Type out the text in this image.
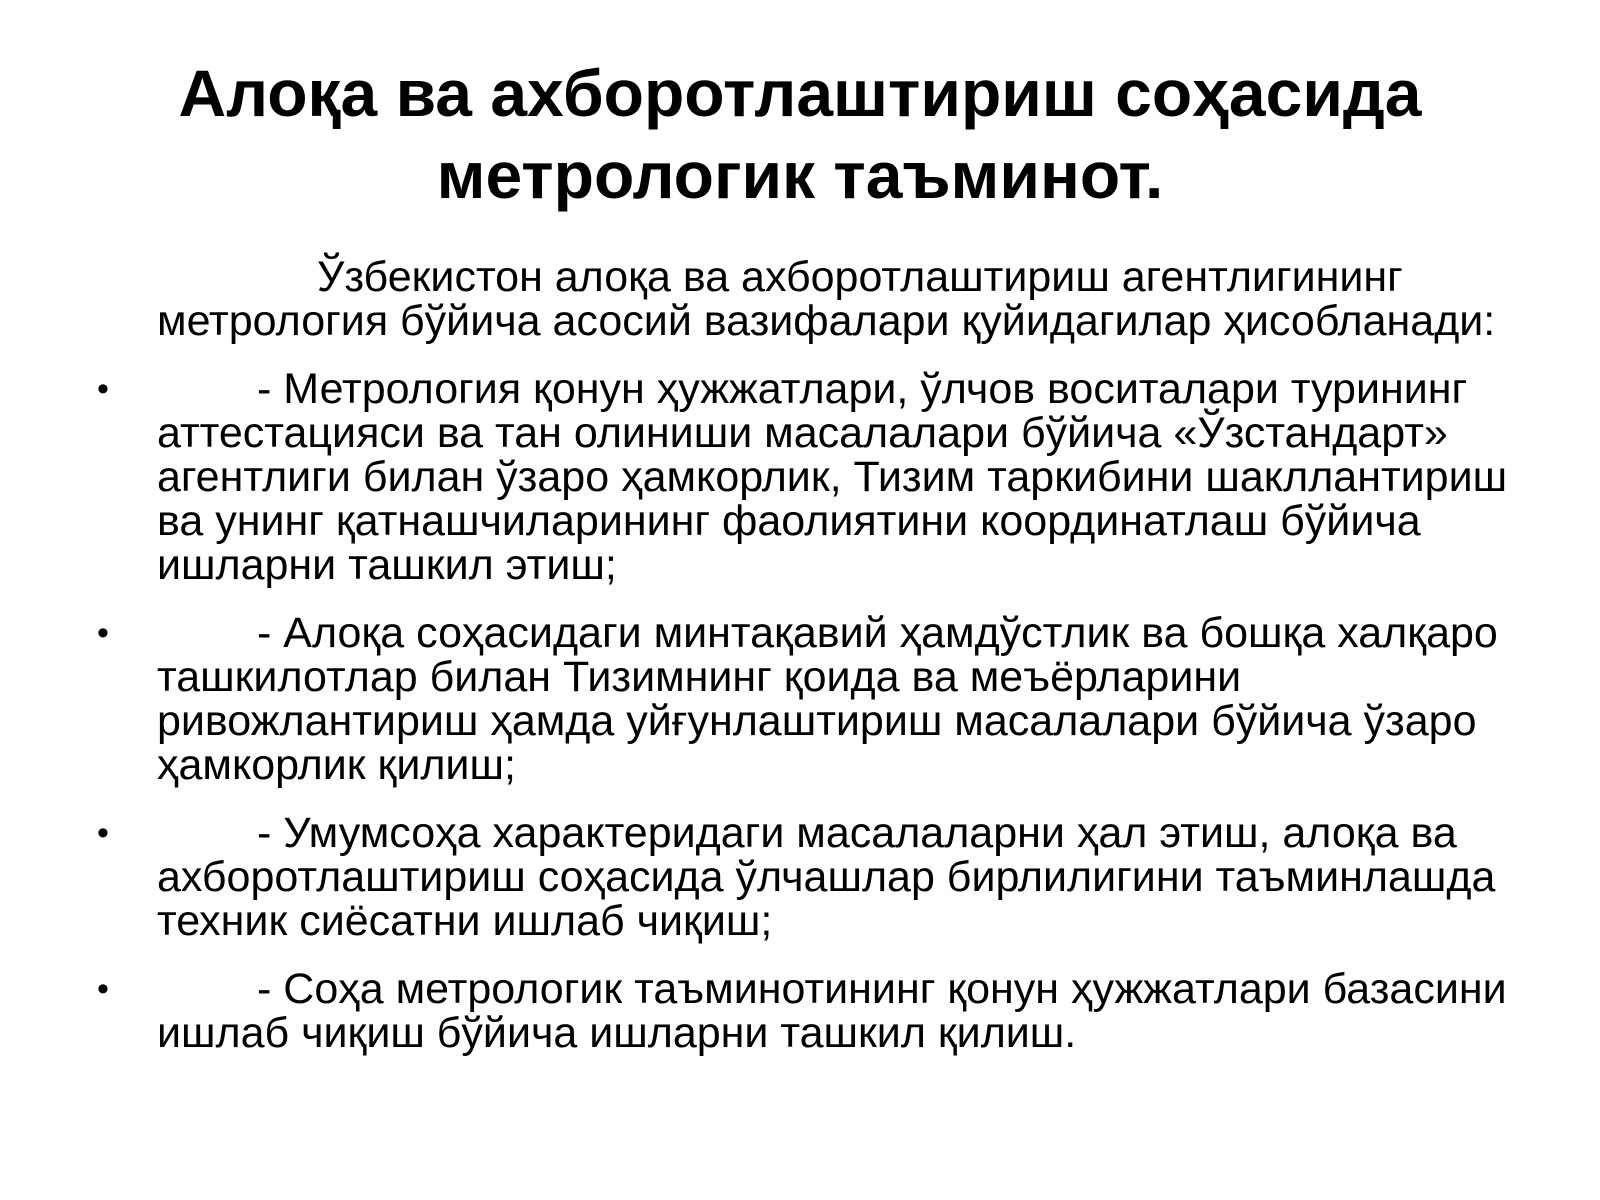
Алоқа ва ахборотлаштириш соҳасида метрологик таъминот.

Ўзбекистон алоқа ва ахборотлаштириш агентлигининг метрология бўйича асосий вазифалари қуйидагилар ҳисобланади:

•	- Метрология қонун ҳужжатлари, ўлчов воситалари турининг аттестацияси ва тан олиниши масалалари бўйича «Ўзстандарт» агентлиги билан ўзаро ҳамкорлик, Тизим таркибини шакллантириш ва унинг қатнашчиларининг фаолиятини координатлаш бўйича ишларни ташкил этиш;
•	- Алоқа соҳасидаги минтақавий ҳамдўстлик ва бошқа халқаро ташкилотлар билан Тизимнинг қоида ва меъёрларини ривожлантириш ҳамда уйғунлаштириш масалалари бўйича ўзаро ҳамкорлик қилиш;
•	- Умумсоҳа характеридаги масалаларни ҳал этиш, алоқа ва ахборотлаштириш соҳасида ўлчашлар бирлилигини таъминлашда техник сиёсатни ишлаб чиқиш;
•	- Соҳа метрологик таъминотининг қонун ҳужжатлари базасини ишлаб чиқиш бўйича ишларни ташкил қилиш.
